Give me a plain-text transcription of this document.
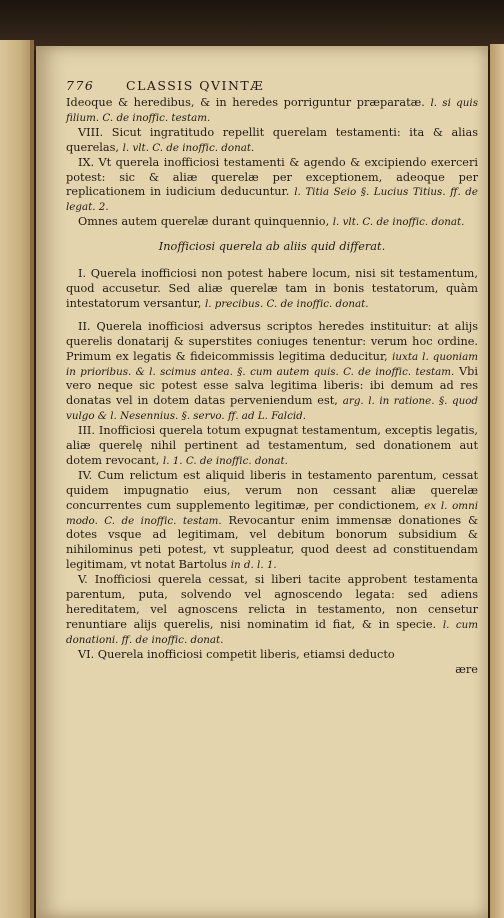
776	CLASSIS QVINTÆ

Ideoque & heredibus, & in heredes porriguntur præparatæ. l. si quis filium. C. de inoffic. testam.

VIII. Sicut ingratitudo repellit querelam testamenti: ita & alias querelas, l. vlt. C. de inoffic. donat.

IX. Vt querela inofficiosi testamenti & agendo & excipiendo exerceri potest: sic & aliæ querelæ per exceptionem, adeoque per replicationem in iudicium deducuntur. l. Titia Seio §. Lucius Titius. ff. de legat. 2.

Omnes autem querelæ durant quinquennio, l. vlt. C. de inoffic. donat.

Inofficiosi querela ab aliis quid differat.

I. Querela inofficiosi non potest habere locum, nisi sit testamentum, quod accusetur. Sed aliæ querelæ tam in bonis testatorum, quàm intestatorum versantur, l. precibus. C. de inoffic. donat.

II. Querela inofficiosi adversus scriptos heredes instituitur: at alijs querelis donatarij & superstites coniuges tenentur: verum hoc ordine. Primum ex legatis & fideicommissis legitima deducitur, iuxta l. quoniam in prioribus. & l. scimus antea. §. cum autem quis. C. de inoffic. testam. Vbi vero neque sic potest esse salva legitima liberis: ibi demum ad res donatas vel in dotem datas perveniendum est, arg. l. in ratione. §. quod vulgo & l. Nesennius. §. servo. ff. ad L. Falcid.

III. Inofficiosi querela totum expugnat testamentum, exceptis legatis, aliæ querelę nihil pertinent ad testamentum, sed donationem aut dotem revocant, l. 1. C. de inoffic. donat.

IV. Cum relictum est aliquid liberis in testamento parentum, cessat quidem impugnatio eius, verum non cessant aliæ querelæ concurrentes cum supplemento legitimæ, per condictionem, ex l. omni modo. C. de inoffic. testam. Revocantur enim immensæ donationes & dotes vsque ad legitimam, vel debitum bonorum subsidium & nihilominus peti potest, vt suppleatur, quod deest ad constituendam legitimam, vt notat Bartolus in d. l. 1.

V. Inofficiosi querela cessat, si liberi tacite approbent testamenta parentum, puta, solvendo vel agnoscendo legata: sed adiens hereditatem, vel agnoscens relicta in testamento, non censetur renuntiare alijs querelis, nisi nominatim id fiat, & in specie. l. cum donationi. ff. de inoffic. donat.

VI. Querela inofficiosi competit liberis, etiamsi deducto

ære
